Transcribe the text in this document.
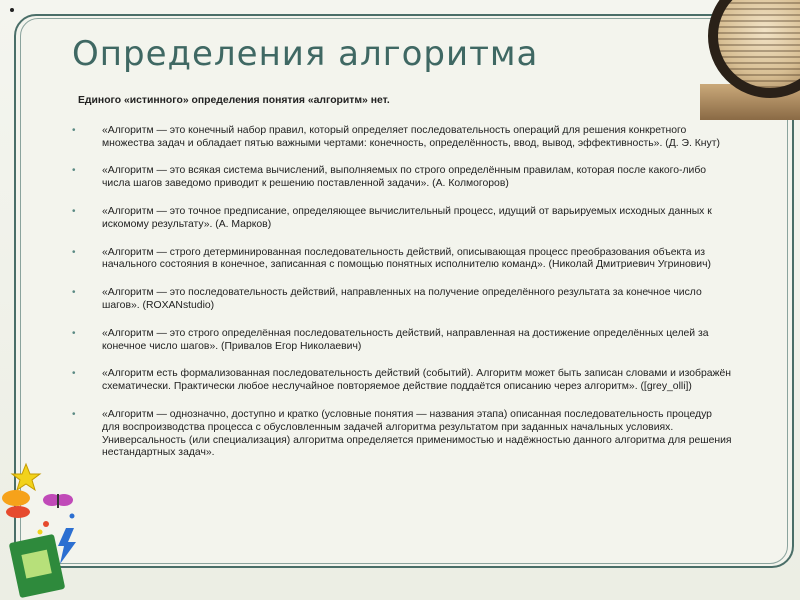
Определения алгоритма
Единого «истинного» определения понятия «алгоритм» нет.
•	«Алгоритм — это конечный набор правил, который определяет последовательность операций для решения конкретного множества задач и обладает пятью важными чертами: конечность, определённость, ввод, вывод, эффективность». (Д. Э. Кнут)
•	«Алгоритм — это всякая система вычислений, выполняемых по строго определённым правилам, которая после какого-либо числа шагов заведомо приводит к решению поставленной задачи». (А. Колмогоров)
•	«Алгоритм — это точное предписание, определяющее вычислительный процесс, идущий от варьируемых исходных данных к искомому результату». (А. Марков)
•	«Алгоритм — строго детерминированная последовательность действий, описывающая процесс преобразования объекта из начального состояния в конечное, записанная с помощью понятных исполнителю команд». (Николай Дмитриевич Угринович)
•	«Алгоритм — это последовательность действий, направленных на получение определённого результата за конечное число шагов». (ROXANstudio)
•	«Алгоритм — это строго определённая последовательность действий, направленная на достижение определённых целей за конечное число шагов». (Привалов Егор Николаевич)
•	«Алгоритм есть формализованная последовательность действий (событий). Алгоритм может быть записан словами и изображён схематически. Практически любое неслучайное повторяемое действие поддаётся описанию через алгоритм». ([grey_olli])
•	«Алгоритм — однозначно, доступно и кратко (условные понятия — названия этапа) описанная последовательность процедур для воспроизводства процесса с обусловленным задачей алгоритма результатом при заданных начальных условиях. Универсальность (или специализация) алгоритма определяется применимостью и надёжностью данного алгоритма для решения нестандартных задач».
